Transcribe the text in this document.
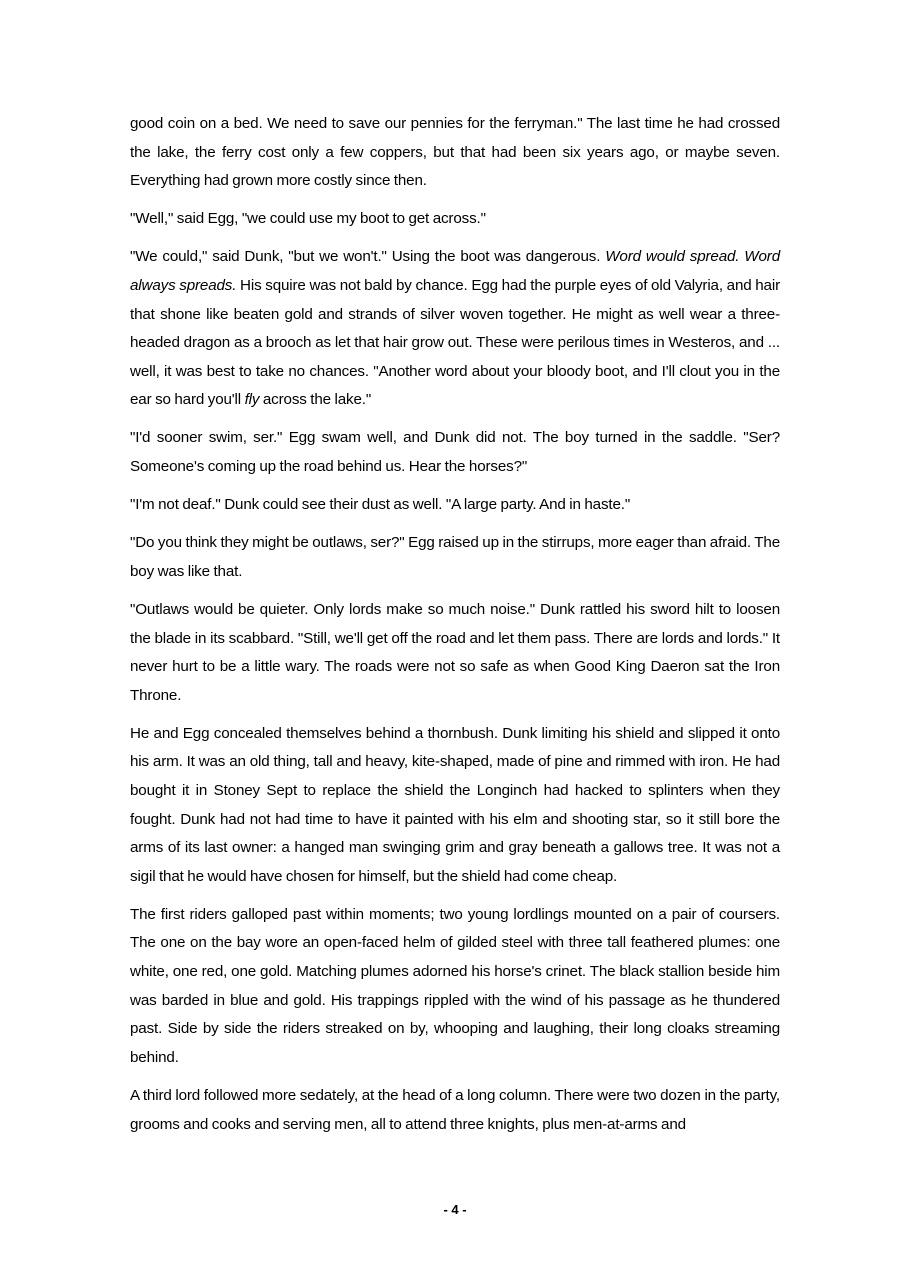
good coin on a bed. We need to save our pennies for the ferryman." The last time he had crossed the lake, the ferry cost only a few coppers, but that had been six years ago, or maybe seven. Everything had grown more costly since then.

"Well," said Egg, "we could use my boot to get across."

"We could," said Dunk, "but we won't." Using the boot was dangerous. Word would spread. Word always spreads. His squire was not bald by chance. Egg had the purple eyes of old Valyria, and hair that shone like beaten gold and strands of silver woven together. He might as well wear a three-headed dragon as a brooch as let that hair grow out. These were perilous times in Westeros, and ... well, it was best to take no chances. "Another word about your bloody boot, and I'll clout you in the ear so hard you'll fly across the lake."

"I'd sooner swim, ser." Egg swam well, and Dunk did not. The boy turned in the saddle. "Ser? Someone's coming up the road behind us. Hear the horses?"

"I'm not deaf." Dunk could see their dust as well. "A large party. And in haste."

"Do you think they might be outlaws, ser?" Egg raised up in the stirrups, more eager than afraid. The boy was like that.

"Outlaws would be quieter. Only lords make so much noise." Dunk rattled his sword hilt to loosen the blade in its scabbard. "Still, we'll get off the road and let them pass. There are lords and lords." It never hurt to be a little wary. The roads were not so safe as when Good King Daeron sat the Iron Throne.

He and Egg concealed themselves behind a thornbush. Dunk limiting his shield and slipped it onto his arm. It was an old thing, tall and heavy, kite-shaped, made of pine and rimmed with iron. He had bought it in Stoney Sept to replace the shield the Longinch had hacked to splinters when they fought. Dunk had not had time to have it painted with his elm and shooting star, so it still bore the arms of its last owner: a hanged man swinging grim and gray beneath a gallows tree. It was not a sigil that he would have chosen for himself, but the shield had come cheap.

The first riders galloped past within moments; two young lordlings mounted on a pair of coursers. The one on the bay wore an open-faced helm of gilded steel with three tall feathered plumes: one white, one red, one gold. Matching plumes adorned his horse's crinet. The black stallion beside him was barded in blue and gold. His trappings rippled with the wind of his passage as he thundered past. Side by side the riders streaked on by, whooping and laughing, their long cloaks streaming behind.

A third lord followed more sedately, at the head of a long column. There were two dozen in the party, grooms and cooks and serving men, all to attend three knights, plus men-at-arms and

- 4 -
